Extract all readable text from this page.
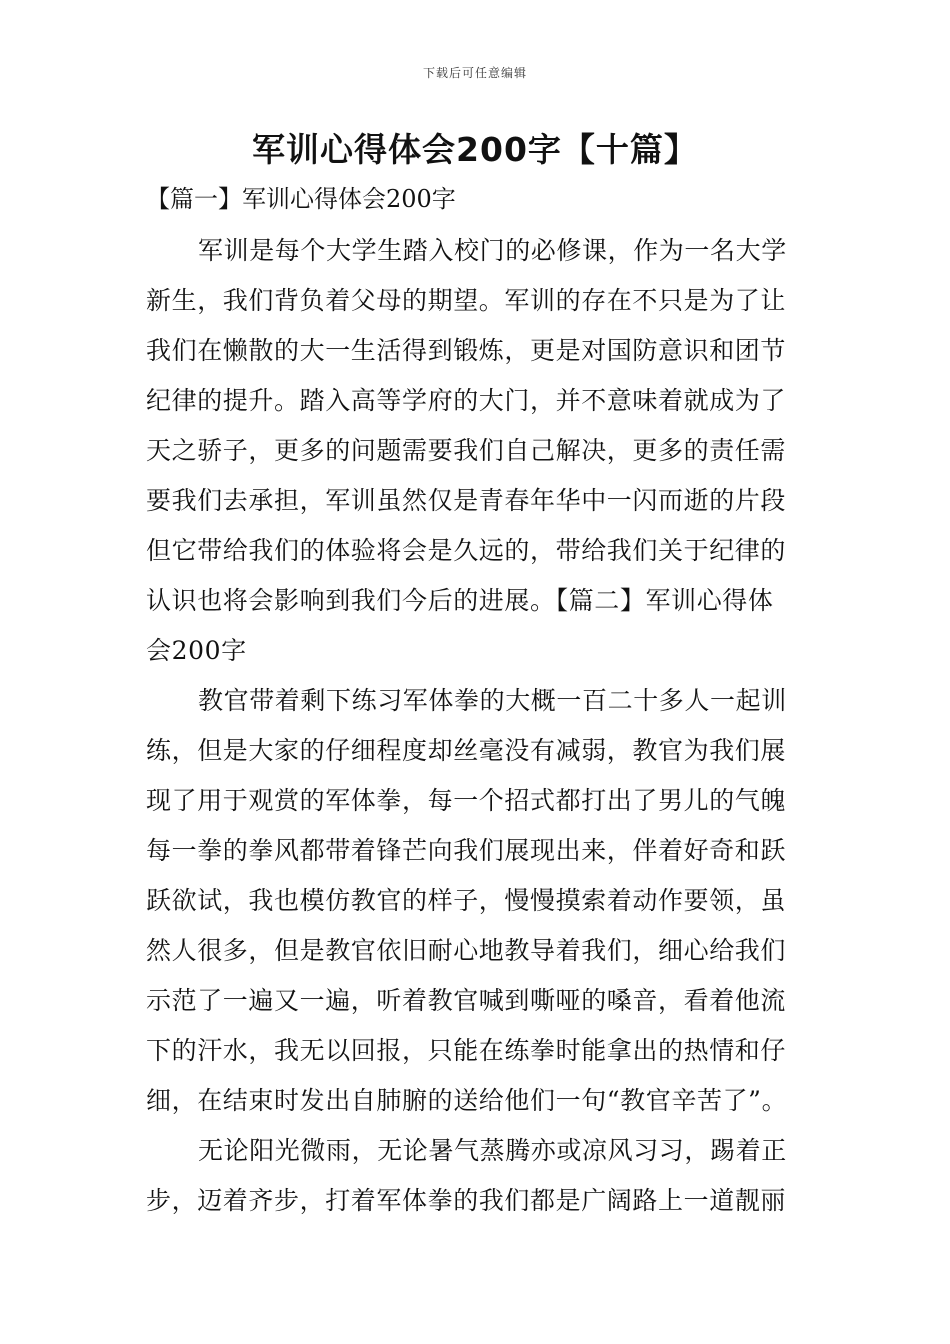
下载后可任意编辑
军训心得体会200字【十篇】
【篇一】军训心得体会200字
军训是每个大学生踏入校门的必修课，作为一名大学
新生，我们背负着父母的期望。军训的存在不只是为了让
我们在懒散的大一生活得到锻炼，更是对国防意识和团节
纪律的提升。踏入高等学府的大门，并不意味着就成为了
天之骄子，更多的问题需要我们自己解决，更多的责任需
要我们去承担，军训虽然仅是青春年华中一闪而逝的片段
但它带给我们的体验将会是久远的，带给我们关于纪律的
认识也将会影响到我们今后的进展。【篇二】军训心得体
会200字
教官带着剩下练习军体拳的大概一百二十多人一起训
练，但是大家的仔细程度却丝毫没有减弱，教官为我们展
现了用于观赏的军体拳，每一个招式都打出了男儿的气魄
每一拳的拳风都带着锋芒向我们展现出来，伴着好奇和跃
跃欲试，我也模仿教官的样子，慢慢摸索着动作要领，虽
然人很多，但是教官依旧耐心地教导着我们，细心给我们
示范了一遍又一遍，听着教官喊到嘶哑的嗓音，看着他流
下的汗水，我无以回报，只能在练拳时能拿出的热情和仔
细，在结束时发出自肺腑的送给他们一句“教官辛苦了”。
无论阳光微雨，无论暑气蒸腾亦或凉风习习，踢着正
步，迈着齐步，打着军体拳的我们都是广阔路上一道靓丽
